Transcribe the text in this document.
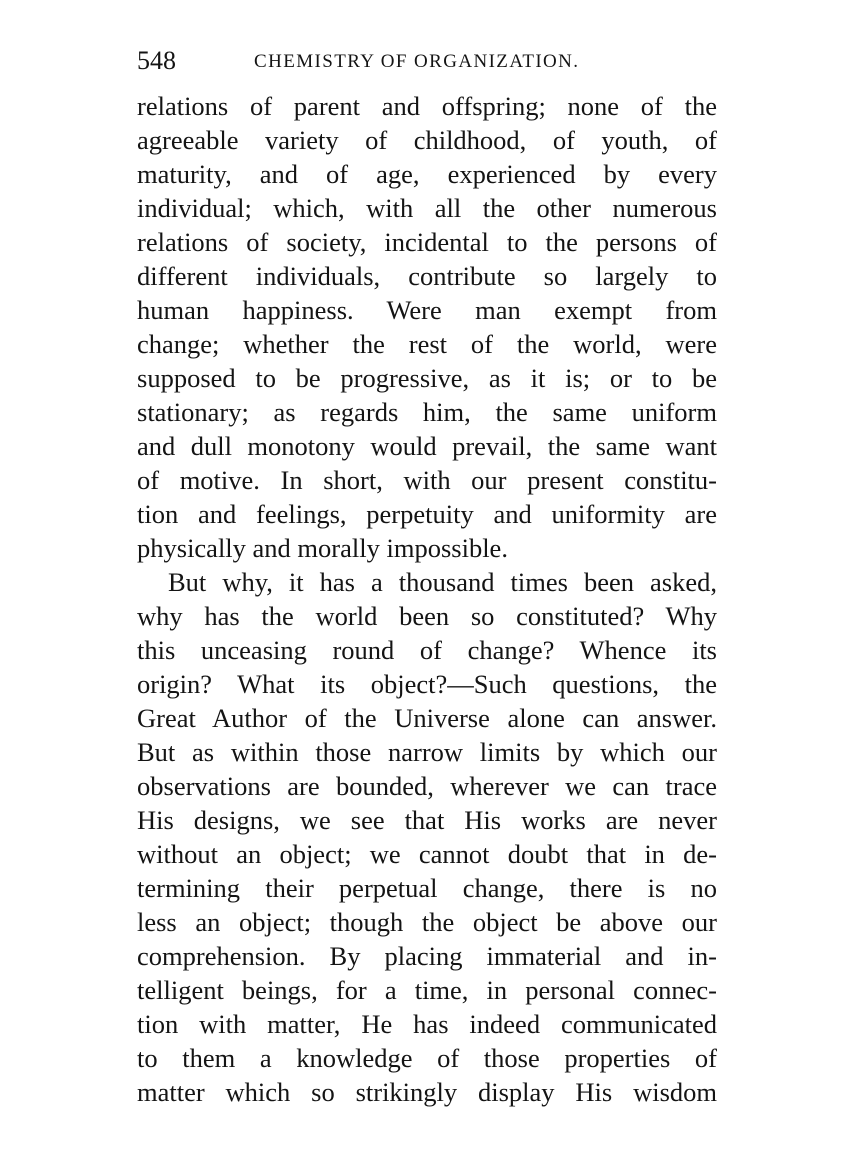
548	CHEMISTRY OF ORGANIZATION.
relations of parent and offspring; none of the
agreeable variety of childhood, of youth, of
maturity, and of age, experienced by every
individual; which, with all the other numerous
relations of society, incidental to the persons of
different individuals, contribute so largely to
human happiness. Were man exempt from
change; whether the rest of the world, were
supposed to be progressive, as it is; or to be
stationary; as regards him, the same uniform
and dull monotony would prevail, the same want
of motive. In short, with our present constitu-
tion and feelings, perpetuity and uniformity are
physically and morally impossible.
But why, it has a thousand times been asked,
why has the world been so constituted? Why
this unceasing round of change? Whence its
origin? What its object?—Such questions, the
Great Author of the Universe alone can answer.
But as within those narrow limits by which our
observations are bounded, wherever we can trace
His designs, we see that His works are never
without an object; we cannot doubt that in de-
termining their perpetual change, there is no
less an object; though the object be above our
comprehension. By placing immaterial and in-
telligent beings, for a time, in personal connec-
tion with matter, He has indeed communicated
to them a knowledge of those properties of
matter which so strikingly display His wisdom
